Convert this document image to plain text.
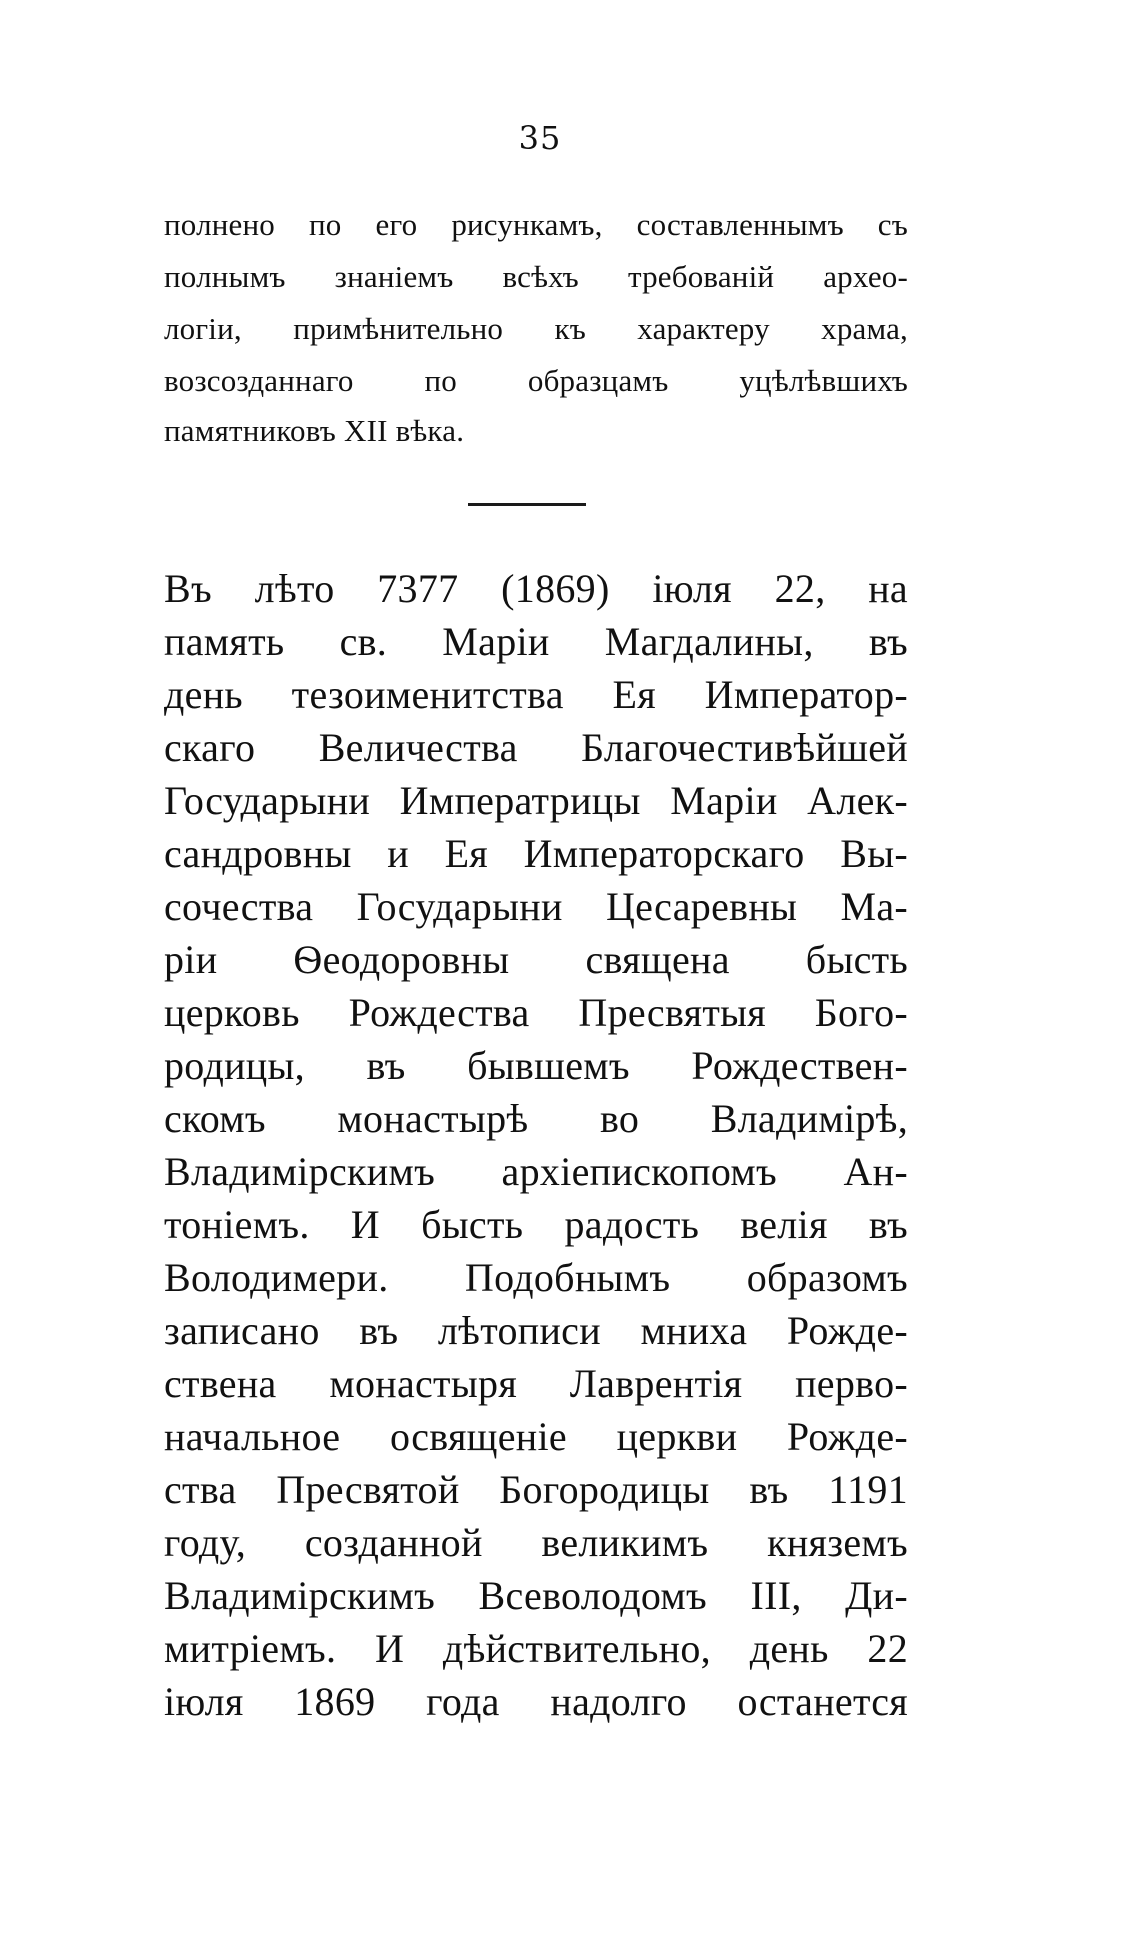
35
полнено по его рисункамъ, составленнымъ съ
полнымъ знаніемъ всѣхъ требованій архео-
логіи, примѣнительно къ характеру храма,
возсозданнаго по образцамъ уцѣлѣвшихъ
памятниковъ XII вѣка.
Въ лѣто 7377 (1869) іюля 22, на
память св. Маріи Магдалины, въ
день тезоименитства Ея Император-
скаго Величества Благочестивѣйшей
Государыни Императрицы Маріи Алек-
сандровны и Ея Императорскаго Вы-
сочества Государыни Цесаревны Ма-
ріи Ѳеодоровны священа бысть
церковь Рождества Пресвятыя Бого-
родицы, въ бывшемъ Рождествен-
скомъ монастырѣ во Владимірѣ,
Владимірскимъ архіепископомъ Ан-
тоніемъ. И бысть радость велія въ
Володимери. Подобнымъ образомъ
записано въ лѣтописи мниха Рожде-
ствена монастыря Лаврентія перво-
начальное освященіе церкви Рожде-
ства Пресвятой Богородицы въ 1191
году, созданной великимъ княземъ
Владимірскимъ Всеволодомъ III, Ди-
митріемъ. И дѣйствительно, день 22
іюля 1869 года надолго останется
